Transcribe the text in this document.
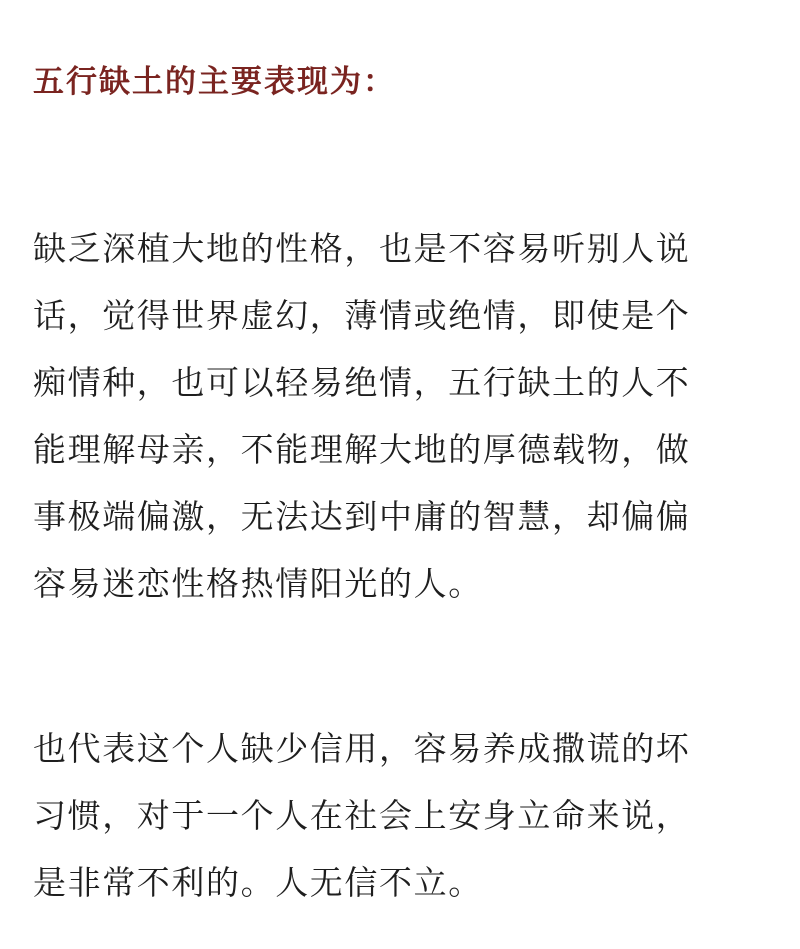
五行缺土的主要表现为：
缺乏深植大地的性格，也是不容易听别人说
话，觉得世界虚幻，薄情或绝情，即使是个
痴情种，也可以轻易绝情，五行缺土的人不
能理解母亲，不能理解大地的厚德载物，做
事极端偏激，无法达到中庸的智慧，却偏偏
容易迷恋性格热情阳光的人。
也代表这个人缺少信用，容易养成撒谎的坏
习惯，对于一个人在社会上安身立命来说，
是非常不利的。人无信不立。
